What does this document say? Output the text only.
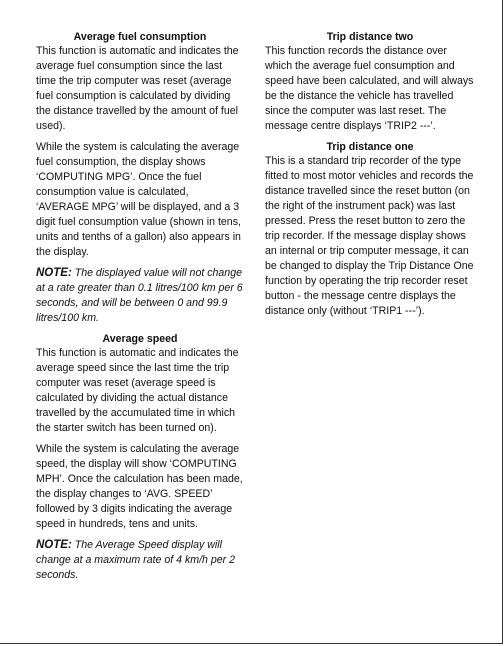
Average fuel consumption

This function is automatic and indicates the average fuel consumption since the last time the trip computer was reset (average fuel consumption is calculated by dividing the distance travelled by the amount of fuel used).

While the system is calculating the average fuel consumption, the display shows ‘COMPUTING MPG’. Once the fuel consumption value is calculated, ‘AVERAGE MPG’ will be displayed, and a 3 digit fuel consumption value (shown in tens, units and tenths of a gallon) also appears in the display.

NOTE: The displayed value will not change at a rate greater than 0.1 litres/100 km per 6 seconds, and will be between 0 and 99.9 litres/100 km.

Average speed

This function is automatic and indicates the average speed since the last time the trip computer was reset (average speed is calculated by dividing the actual distance travelled by the accumulated time in which the starter switch has been turned on).

While the system is calculating the average speed, the display will show ‘COMPUTING MPH’. Once the calculation has been made, the display changes to ‘AVG. SPEED’ followed by 3 digits indicating the average speed in hundreds, tens and units.

NOTE: The Average Speed display will change at a maximum rate of 4 km/h per 2 seconds.

Trip distance two

This function records the distance over which the average fuel consumption and speed have been calculated, and will always be the distance the vehicle has travelled since the computer was last reset. The message centre displays ‘TRIP2 ---’.

Trip distance one

This is a standard trip recorder of the type fitted to most motor vehicles and records the distance travelled since the reset button (on the right of the instrument pack) was last pressed. Press the reset button to zero the trip recorder. If the message display shows an internal or trip computer message, it can be changed to display the Trip Distance One function by operating the trip recorder reset button - the message centre displays the distance only (without ‘TRIP1 ---’).
